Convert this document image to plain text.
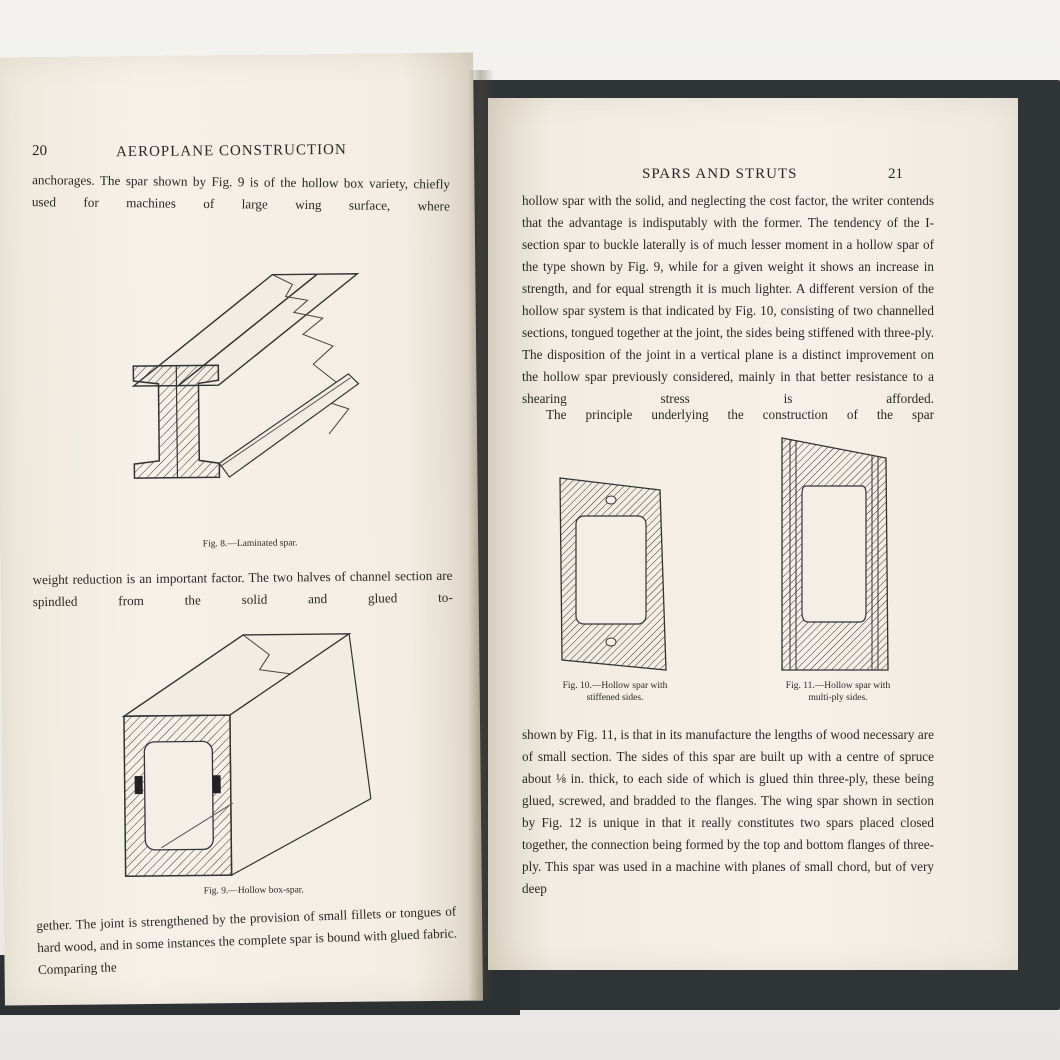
20	AEROPLANE CONSTRUCTION
anchorages. The spar shown by Fig. 9 is of the hollow box variety, chiefly used for machines of large wing surface, where
Fig. 8.—Laminated spar.
weight reduction is an important factor. The two halves of channel section are spindled from the solid and glued to-
Fig. 9.—Hollow box-spar.
gether. The joint is strengthened by the provision of small fillets or tongues of hard wood, and in some instances the complete spar is bound with glued fabric. Comparing the
SPARS AND STRUTS	21
hollow spar with the solid, and neglecting the cost factor, the writer contends that the advantage is indisputably with the former. The tendency of the I-section spar to buckle laterally is of much lesser moment in a hollow spar of the type shown by Fig. 9, while for a given weight it shows an increase in strength, and for equal strength it is much lighter. A different version of the hollow spar system is that indicated by Fig. 10, consisting of two channelled sections, tongued together at the joint, the sides being stiffened with three-ply. The disposition of the joint in a vertical plane is a distinct improvement on the hollow spar previously considered, mainly in that better resistance to a shearing stress is afforded.
The principle underlying the construction of the spar
Fig. 10.—Hollow spar with
stiffened sides.
Fig. 11.—Hollow spar with
multi-ply sides.
shown by Fig. 11, is that in its manufacture the lengths of wood necessary are of small section. The sides of this spar are built up with a centre of spruce about ⅛ in. thick, to each side of which is glued thin three-ply, these being glued, screwed, and bradded to the flanges. The wing spar shown in section by Fig. 12 is unique in that it really constitutes two spars placed closed together, the connection being formed by the top and bottom flanges of three-ply. This spar was used in a machine with planes of small chord, but of very deep
